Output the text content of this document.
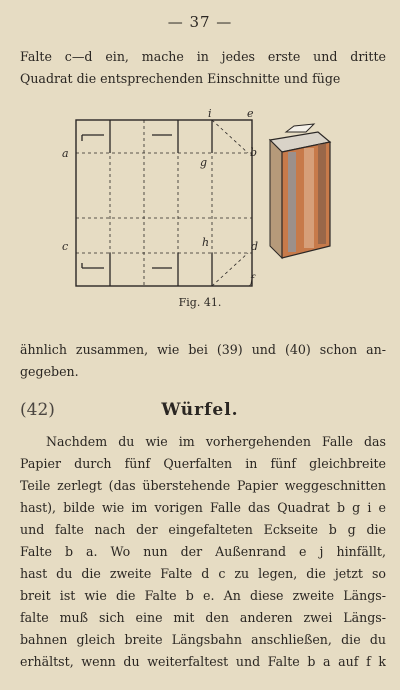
— 37 —
Falte c—d ein, mache in jedes erste und dritte
Quadrat die entsprechenden Einschnitte und füge
i	e
a
g
b
c	h	d
f
Fig. 41.
ähnlich zusammen, wie bei (39) und (40) schon an-
gegeben.
(42)	Würfel.
Nachdem du wie im vorhergehenden Falle das
Papier durch fünf Querfalten in fünf gleichbreite
Teile zerlegt (das überstehende Papier weggeschnitten
hast), bilde wie im vorigen Falle das Quadrat b g i e
und falte nach der eingefalteten Eckseite b g die
Falte b a. Wo nun der Außenrand e j hinfällt,
hast du die zweite Falte d c zu legen, die jetzt so
breit ist wie die Falte b e. An diese zweite Längs-
falte muß sich eine mit den anderen zwei Längs-
bahnen gleich breite Längsbahn anschließen, die du
erhältst, wenn du weiterfaltest und Falte b a auf f k
